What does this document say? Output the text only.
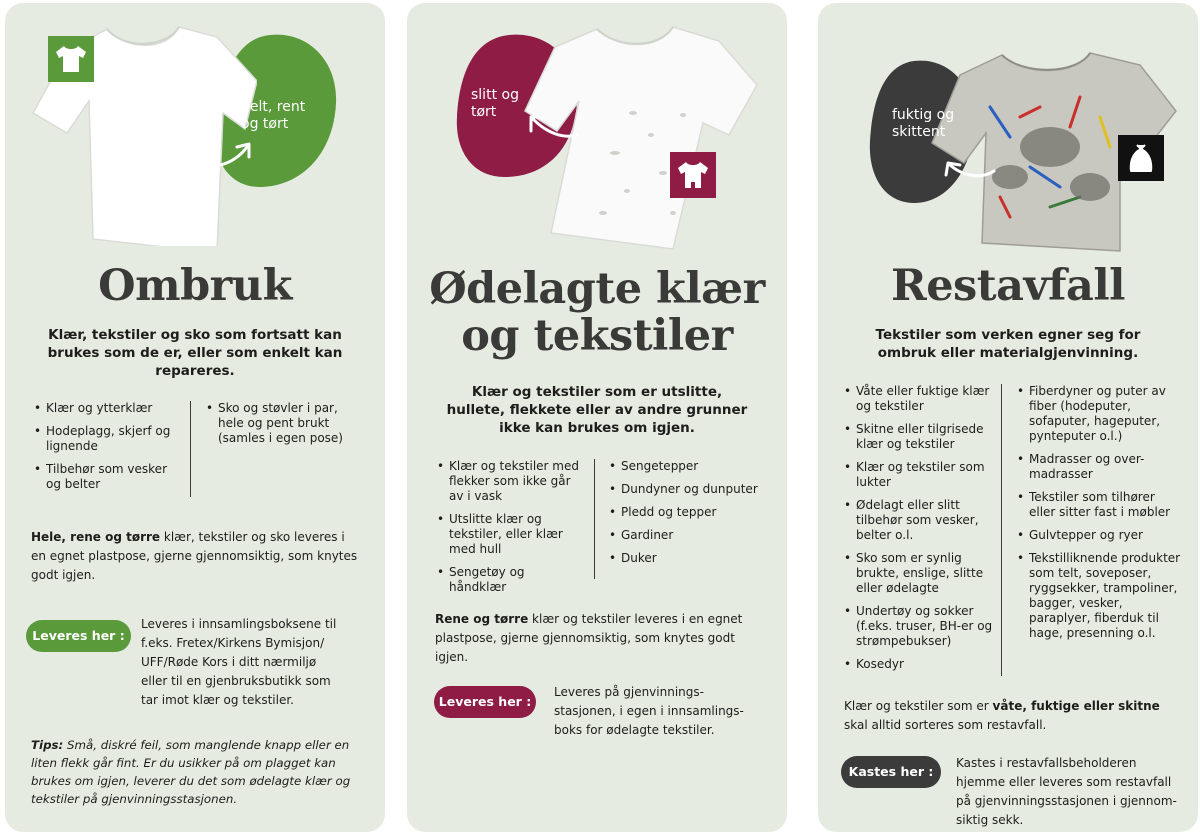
helt, rent og tørt
Ombruk
Klær, tekstiler og sko som fortsatt kan brukes som de er, eller som enkelt kan repareres.
• Klær og ytterklær
• Hodeplagg, skjerf og lignende
• Tilbehør som vesker og belter
• Sko og støvler i par, hele og pent brukt (samles i egen pose)
Hele, rene og tørre klær, tekstiler og sko leveres i en egnet plastpose, gjerne gjennomsiktig, som knytes godt igjen.
Leveres her :
Leveres i innsamlingsboksene til f.eks. Fretex/Kirkens Bymisjon/ UFF/Røde Kors i ditt nærmiljø eller til en gjenbruksbutikk som tar imot klær og tekstiler.
Tips: Små, diskré feil, som manglende knapp eller en liten flekk går fint. Er du usikker på om plagget kan brukes om igjen, leverer du det som ødelagte klær og tekstiler på gjenvinningsstasjonen.
slitt og tørt
Ødelagte klær
og tekstiler
Klær og tekstiler som er utslitte, hullete, flekkete eller av andre grunner ikke kan brukes om igjen.
• Klær og tekstiler med flekker som ikke går av i vask
• Utslitte klær og tekstiler, eller klær med hull
• Sengetøy og håndklær
• Sengetepper
• Dundyner og dunputer
• Pledd og tepper
• Gardiner
• Duker
Rene og tørre klær og tekstiler leveres i en egnet plastpose, gjerne gjennomsiktig, som knytes godt igjen.
Leveres her :
Leveres på gjenvinnings-stasjonen, i egen i innsamlings-boks for ødelagte tekstiler.
fuktig og skittent
Restavfall
Tekstiler som verken egner seg for ombruk eller materialgjenvinning.
• Våte eller fuktige klær og tekstiler
• Skitne eller tilgrisede klær og tekstiler
• Klær og tekstiler som lukter
• Ødelagt eller slitt tilbehør som vesker, belter o.l.
• Sko som er synlig brukte, enslige, slitte eller ødelagte
• Undertøy og sokker (f.eks. truser, BH-er og strømpebukser)
• Kosedyr
• Fiberdyner og puter av fiber (hodeputer, sofaputer, hageputer, pynteputer o.l.)
• Madrasser og over-madrasser
• Tekstiler som tilhører eller sitter fast i møbler
• Gulvtepper og ryer
• Tekstilliknende produkter som telt, soveposer, ryggsekker, trampoliner, bagger, vesker, paraplyer, fiberduk til hage, presenning o.l.
Klær og tekstiler som er våte, fuktige eller skitne skal alltid sorteres som restavfall.
Kastes her :
Kastes i restavfallsbeholderen hjemme eller leveres som restavfall på gjenvinningsstasjonen i gjennom-siktig sekk.
